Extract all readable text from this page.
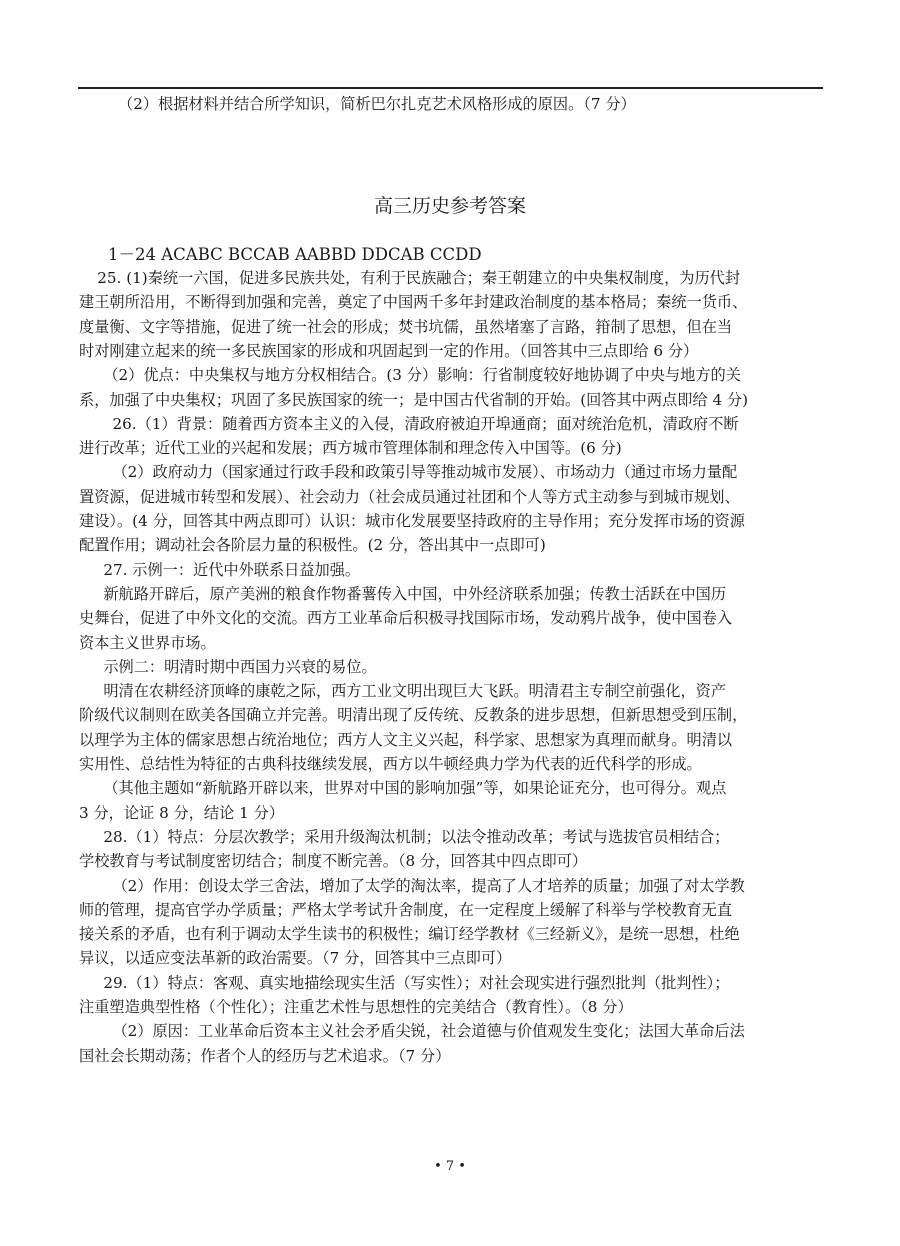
（2）根据材料并结合所学知识，简析巴尔扎克艺术风格形成的原因。（7 分）
高三历史参考答案
1－24 ACABC BCCAB AABBD DDCAB CCDD
25. (1)秦统一六国，促进多民族共处，有利于民族融合；秦王朝建立的中央集权制度，为历代封
建王朝所沿用，不断得到加强和完善，奠定了中国两千多年封建政治制度的基本格局；秦统一货币、
度量衡、文字等措施，促进了统一社会的形成；焚书坑儒，虽然堵塞了言路，箝制了思想，但在当
时对刚建立起来的统一多民族国家的形成和巩固起到一定的作用。（回答其中三点即给 6 分）
（2）优点：中央集权与地方分权相结合。(3 分）影响：行省制度较好地协调了中央与地方的关
系，加强了中央集权；巩固了多民族国家的统一；是中国古代省制的开始。(回答其中两点即给 4 分)
26.（1）背景：随着西方资本主义的入侵，清政府被迫开埠通商；面对统治危机，清政府不断
进行改革；近代工业的兴起和发展；西方城市管理体制和理念传入中国等。(6 分)
（2）政府动力（国家通过行政手段和政策引导等推动城市发展）、市场动力（通过市场力量配
置资源，促进城市转型和发展）、社会动力（社会成员通过社团和个人等方式主动参与到城市规划、
建设）。(4 分，回答其中两点即可）认识：城市化发展要坚持政府的主导作用；充分发挥市场的资源
配置作用；调动社会各阶层力量的积极性。(2 分，答出其中一点即可)
27. 示例一：近代中外联系日益加强。
新航路开辟后，原产美洲的粮食作物番薯传入中国，中外经济联系加强；传教士活跃在中国历
史舞台，促进了中外文化的交流。西方工业革命后积极寻找国际市场，发动鸦片战争，使中国卷入
资本主义世界市场。
示例二：明清时期中西国力兴衰的易位。
明清在农耕经济顶峰的康乾之际，西方工业文明出现巨大飞跃。明清君主专制空前强化，资产
阶级代议制则在欧美各国确立并完善。明清出现了反传统、反教条的进步思想，但新思想受到压制，
以理学为主体的儒家思想占统治地位；西方人文主义兴起，科学家、思想家为真理而献身。明清以
实用性、总结性为特征的古典科技继续发展，西方以牛顿经典力学为代表的近代科学的形成。
（其他主题如“新航路开辟以来，世界对中国的影响加强”等，如果论证充分，也可得分。观点
3 分，论证 8 分，结论 1 分）
28.（1）特点：分层次教学；采用升级淘汰机制；以法令推动改革；考试与选拔官员相结合；
学校教育与考试制度密切结合；制度不断完善。（8 分，回答其中四点即可）
（2）作用：创设太学三舍法，增加了太学的淘汰率，提高了人才培养的质量；加强了对太学教
师的管理，提高官学办学质量；严格太学考试升舍制度，在一定程度上缓解了科举与学校教育无直
接关系的矛盾，也有利于调动太学生读书的积极性；编订经学教材《三经新义》，是统一思想，杜绝
异议，以适应变法革新的政治需要。（7 分，回答其中三点即可）
29.（1）特点：客观、真实地描绘现实生活（写实性）；对社会现实进行强烈批判（批判性）；
注重塑造典型性格（个性化）；注重艺术性与思想性的完美结合（教育性）。（8 分）
（2）原因：工业革命后资本主义社会矛盾尖锐，社会道德与价值观发生变化；法国大革命后法
国社会长期动荡；作者个人的经历与艺术追求。（7 分）
• 7 •
